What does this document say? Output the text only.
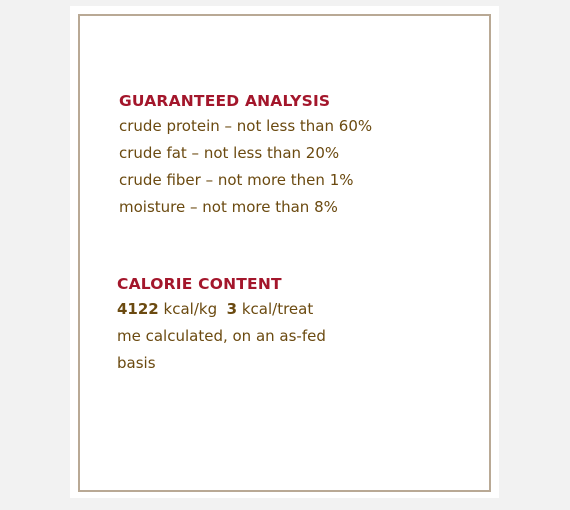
GUARANTEED ANALYSIS

crude protein – not less than 60%

crude fat – not less than 20%

crude fiber – not more then 1%

moisture – not more than 8%

CALORIE CONTENT

4122 kcal/kg 3 kcal/treat

me calculated, on an as-fed

basis
